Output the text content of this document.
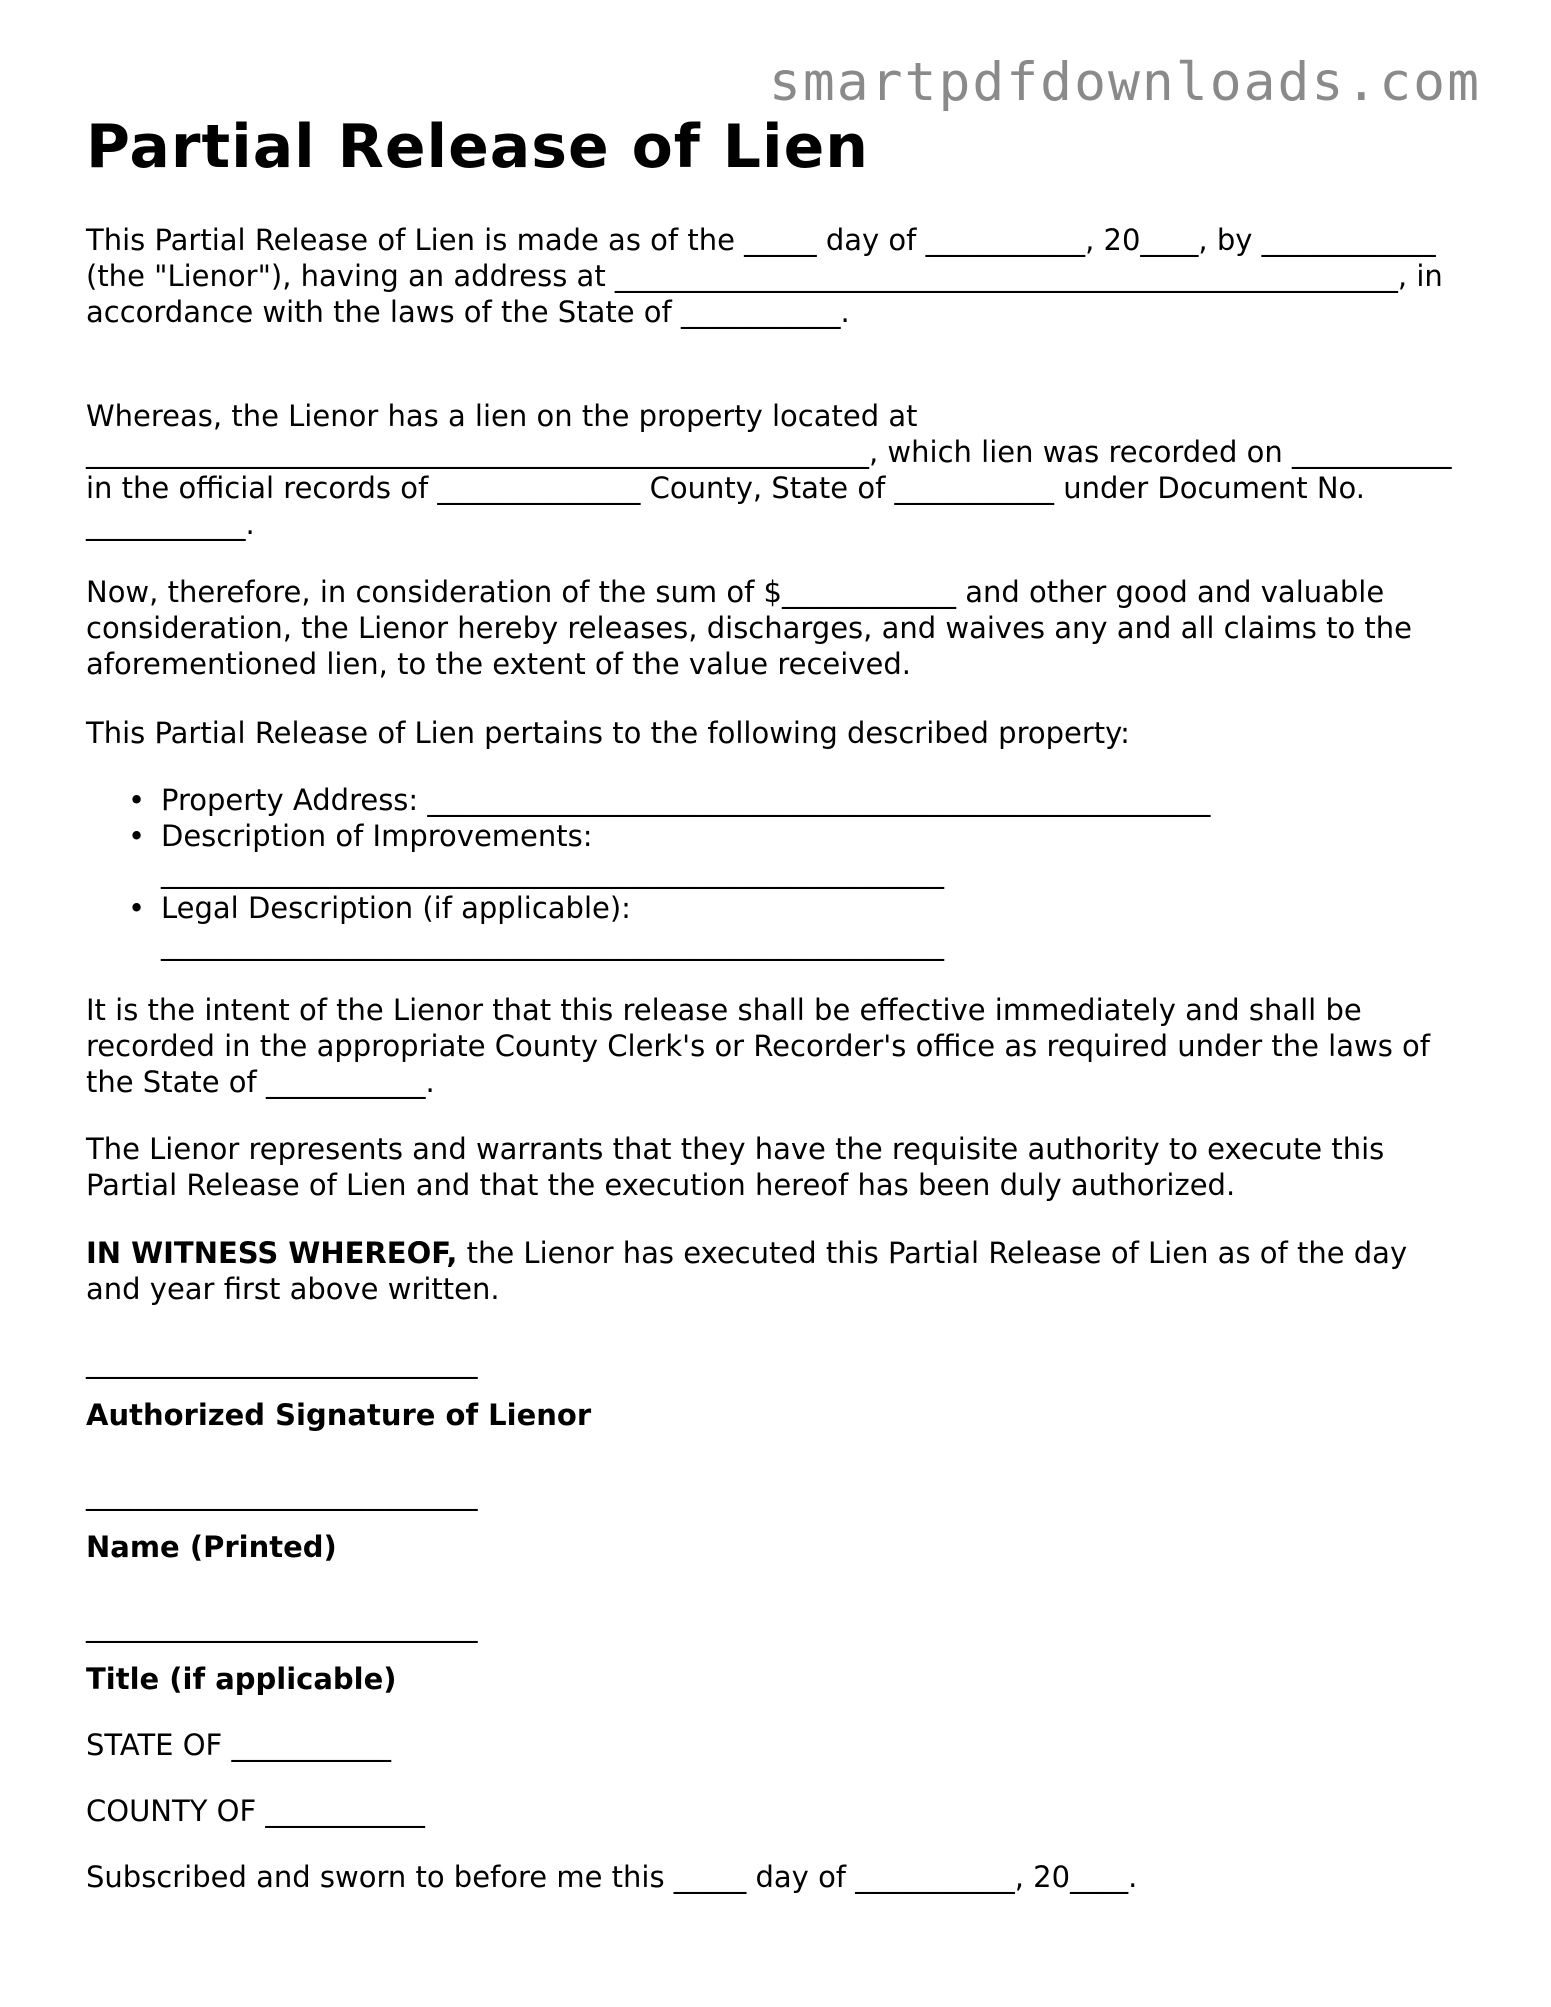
smartpdfdownloads.com
Partial Release of Lien

This Partial Release of Lien is made as of the _____ day of ___________, 20____, by ____________ (the "Lienor"), having an address at ______________________________________________________, in accordance with the laws of the State of ___________.

Whereas, the Lienor has a lien on the property located at ______________________________________________________, which lien was recorded on ___________ in the official records of ______________ County, State of ___________ under Document No. ___________.

Now, therefore, in consideration of the sum of $____________ and other good and valuable consideration, the Lienor hereby releases, discharges, and waives any and all claims to the aforementioned lien, to the extent of the value received.

This Partial Release of Lien pertains to the following described property:

• Property Address: ______________________________________________________
• Description of Improvements:
______________________________________________________
• Legal Description (if applicable):
______________________________________________________

It is the intent of the Lienor that this release shall be effective immediately and shall be recorded in the appropriate County Clerk's or Recorder's office as required under the laws of the State of ___________.

The Lienor represents and warrants that they have the requisite authority to execute this Partial Release of Lien and that the execution hereof has been duly authorized.

IN WITNESS WHEREOF, the Lienor has executed this Partial Release of Lien as of the day and year first above written.

___________________________
Authorized Signature of Lienor
___________________________
Name (Printed)
___________________________
Title (if applicable)
STATE OF ___________
COUNTY OF ___________
Subscribed and sworn to before me this _____ day of ___________, 20____.
